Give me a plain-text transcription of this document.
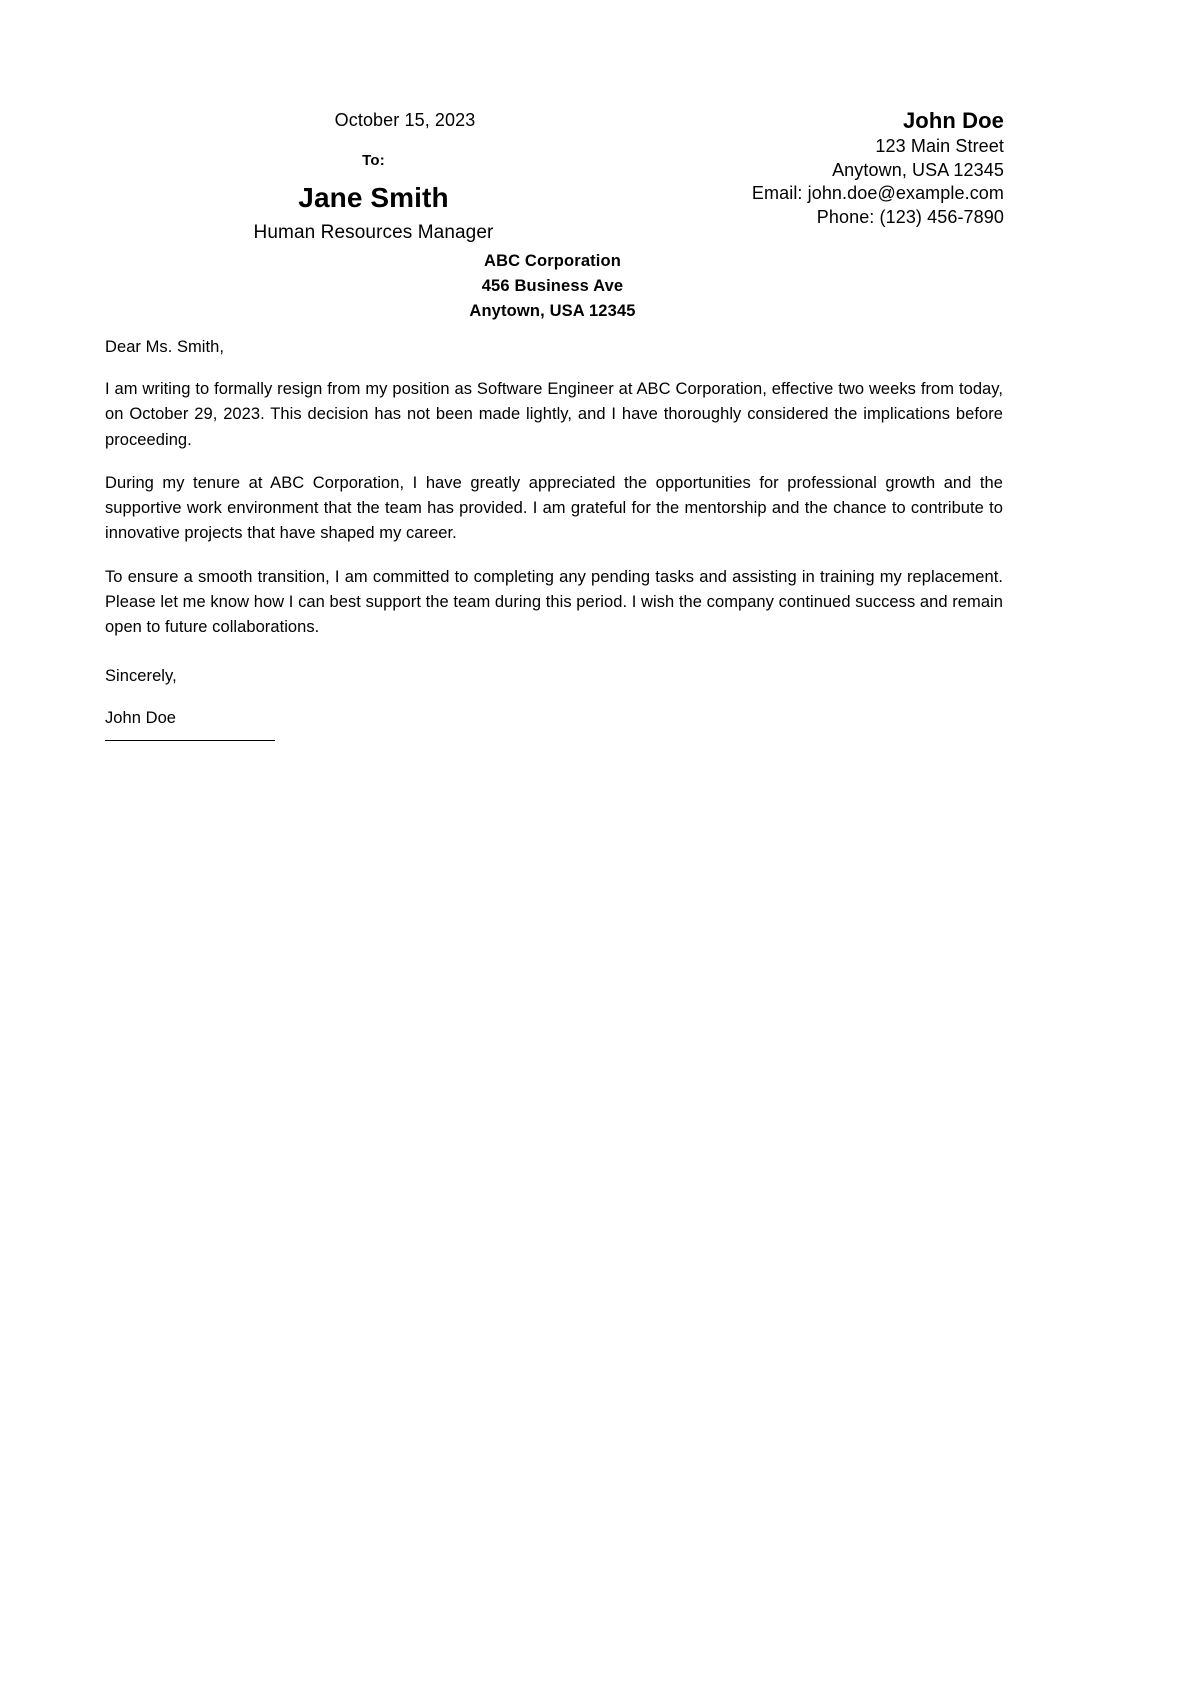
October 15, 2023	John Doe
123 Main Street
Anytown, USA 12345
Email: john.doe@example.com
Phone: (123) 456-7890
To:
Jane Smith
Human Resources Manager
ABC Corporation
456 Business Ave
Anytown, USA 12345

Dear Ms. Smith,

I am writing to formally resign from my position as Software Engineer at ABC Corporation, effective two weeks from today, on October 29, 2023. This decision has not been made lightly, and I have thoroughly considered the implications before proceeding.

During my tenure at ABC Corporation, I have greatly appreciated the opportunities for professional growth and the supportive work environment that the team has provided. I am grateful for the mentorship and the chance to contribute to innovative projects that have shaped my career.

To ensure a smooth transition, I am committed to completing any pending tasks and assisting in training my replacement. Please let me know how I can best support the team during this period. I wish the company continued success and remain open to future collaborations.

Sincerely,

John Doe
